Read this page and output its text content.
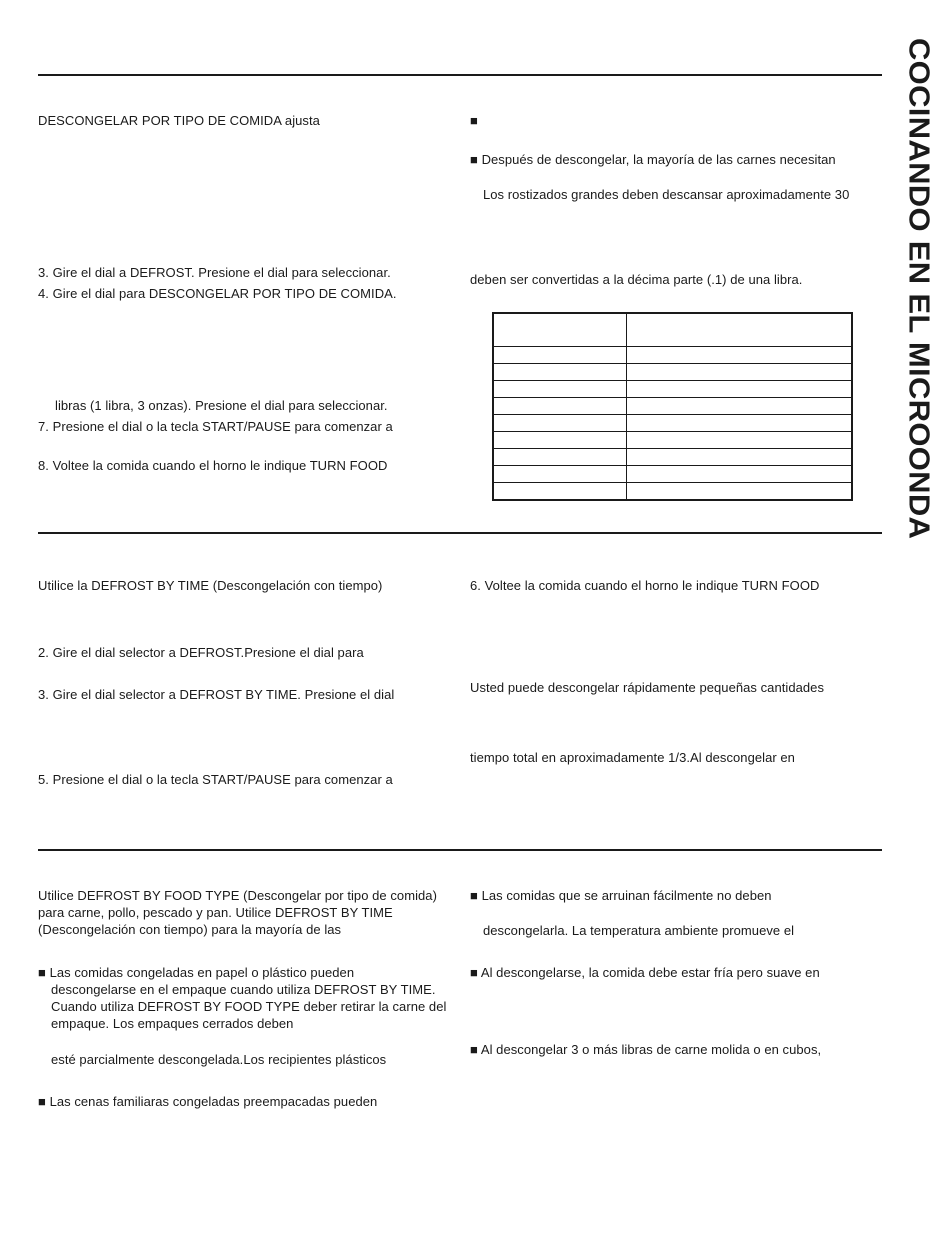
COCINANDO EN EL MICROONDA
DESCONGELAR POR TIPO DE COMIDA ajusta
3. Gire el dial a DEFROST. Presione el dial para seleccionar.
4. Gire el dial para DESCONGELAR POR TIPO DE COMIDA.
libras (1 libra, 3 onzas). Presione el dial para seleccionar.
7. Presione el dial o la tecla START/PAUSE para comenzar a
8. Voltee la comida cuando el horno le indique TURN FOOD
■
■ Después de descongelar, la mayoría de las carnes necesitan
Los rostizados grandes deben descansar aproximadamente 30
deben ser convertidas a la décima parte (.1) de una libra.

Utilice la DEFROST BY TIME (Descongelación con tiempo)
2. Gire el dial selector a DEFROST.Presione el dial para
3. Gire el dial selector a DEFROST BY TIME. Presione el dial
5. Presione el dial o la tecla START/PAUSE para comenzar a
6. Voltee la comida cuando el horno le indique TURN FOOD
Usted puede descongelar rápidamente pequeñas cantidades
tiempo total en aproximadamente 1/3.Al descongelar en
Utilice DEFROST BY FOOD TYPE (Descongelar por tipo de comida) para carne, pollo, pescado y pan. Utilice DEFROST BY TIME (Descongelación con tiempo) para la mayoría de las
■ Las comidas congeladas en papel o plástico pueden
descongelarse en el empaque cuando utiliza DEFROST BY TIME. Cuando utiliza DEFROST BY FOOD TYPE deber retirar la carne del empaque. Los empaques cerrados deben
esté parcialmente descongelada.Los recipientes plásticos
■ Las cenas familiaras congeladas preempacadas pueden
■ Las comidas que se arruinan fácilmente no deben
descongelarla. La temperatura ambiente promueve el
■ Al descongelarse, la comida debe estar fría pero suave en
■ Al descongelar 3 o más libras de carne molida o en cubos,
